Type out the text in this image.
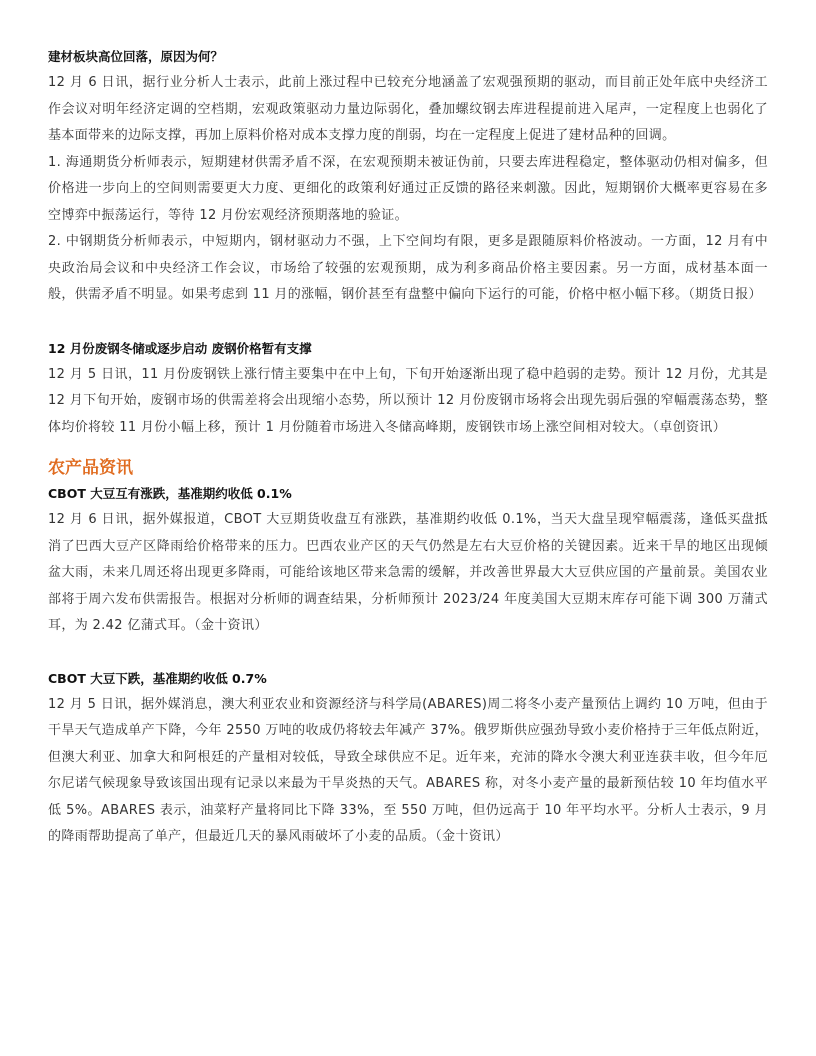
建材板块高位回落，原因为何？

12 月 6 日讯，据行业分析人士表示，此前上涨过程中已较充分地涵盖了宏观强预期的驱动，而目前正处年底中央经济工作会议对明年经济定调的空档期，宏观政策驱动力量边际弱化，叠加螺纹钢去库进程提前进入尾声，一定程度上也弱化了基本面带来的边际支撑，再加上原料价格对成本支撑力度的削弱，均在一定程度上促进了建材品种的回调。

1. 海通期货分析师表示，短期建材供需矛盾不深，在宏观预期未被证伪前，只要去库进程稳定，整体驱动仍相对偏多，但价格进一步向上的空间则需要更大力度、更细化的政策利好通过正反馈的路径来刺激。因此，短期钢价大概率更容易在多空博弈中振荡运行，等待 12 月份宏观经济预期落地的验证。

2. 中钢期货分析师表示，中短期内，钢材驱动力不强，上下空间均有限，更多是跟随原料价格波动。一方面，12 月有中央政治局会议和中央经济工作会议，市场给了较强的宏观预期，成为利多商品价格主要因素。另一方面，成材基本面一般，供需矛盾不明显。如果考虑到 11 月的涨幅，钢价甚至有盘整中偏向下运行的可能，价格中枢小幅下移。（期货日报）

12 月份废钢冬储或逐步启动 废钢价格暂有支撑

12 月 5 日讯，11 月份废钢铁上涨行情主要集中在中上旬，下旬开始逐渐出现了稳中趋弱的走势。预计 12 月份，尤其是 12 月下旬开始，废钢市场的供需差将会出现缩小态势，所以预计 12 月份废钢市场将会出现先弱后强的窄幅震荡态势，整体均价将较 11 月份小幅上移，预计 1 月份随着市场进入冬储高峰期，废钢铁市场上涨空间相对较大。（卓创资讯）

农产品资讯
CBOT 大豆互有涨跌，基准期约收低 0.1%

12 月 6 日讯，据外媒报道，CBOT 大豆期货收盘互有涨跌，基准期约收低 0.1%，当天大盘呈现窄幅震荡，逢低买盘抵消了巴西大豆产区降雨给价格带来的压力。巴西农业产区的天气仍然是左右大豆价格的关键因素。近来干旱的地区出现倾盆大雨，未来几周还将出现更多降雨，可能给该地区带来急需的缓解，并改善世界最大大豆供应国的产量前景。美国农业部将于周六发布供需报告。根据对分析师的调查结果，分析师预计 2023/24 年度美国大豆期末库存可能下调 300 万蒲式耳，为 2.42 亿蒲式耳。（金十资讯）

CBOT 大豆下跌，基准期约收低 0.7%

12 月 5 日讯，据外媒消息，澳大利亚农业和资源经济与科学局(ABARES)周二将冬小麦产量预估上调约 10 万吨，但由于干旱天气造成单产下降，今年 2550 万吨的收成仍将较去年减产 37%。俄罗斯供应强劲导致小麦价格持于三年低点附近，但澳大利亚、加拿大和阿根廷的产量相对较低，导致全球供应不足。近年来，充沛的降水令澳大利亚连获丰收，但今年厄尔尼诺气候现象导致该国出现有记录以来最为干旱炎热的天气。ABARES 称，对冬小麦产量的最新预估较 10 年均值水平低 5%。ABARES 表示，油菜籽产量将同比下降 33%，至 550 万吨，但仍远高于 10 年平均水平。分析人士表示，9 月的降雨帮助提高了单产，但最近几天的暴风雨破坏了小麦的品质。（金十资讯）
